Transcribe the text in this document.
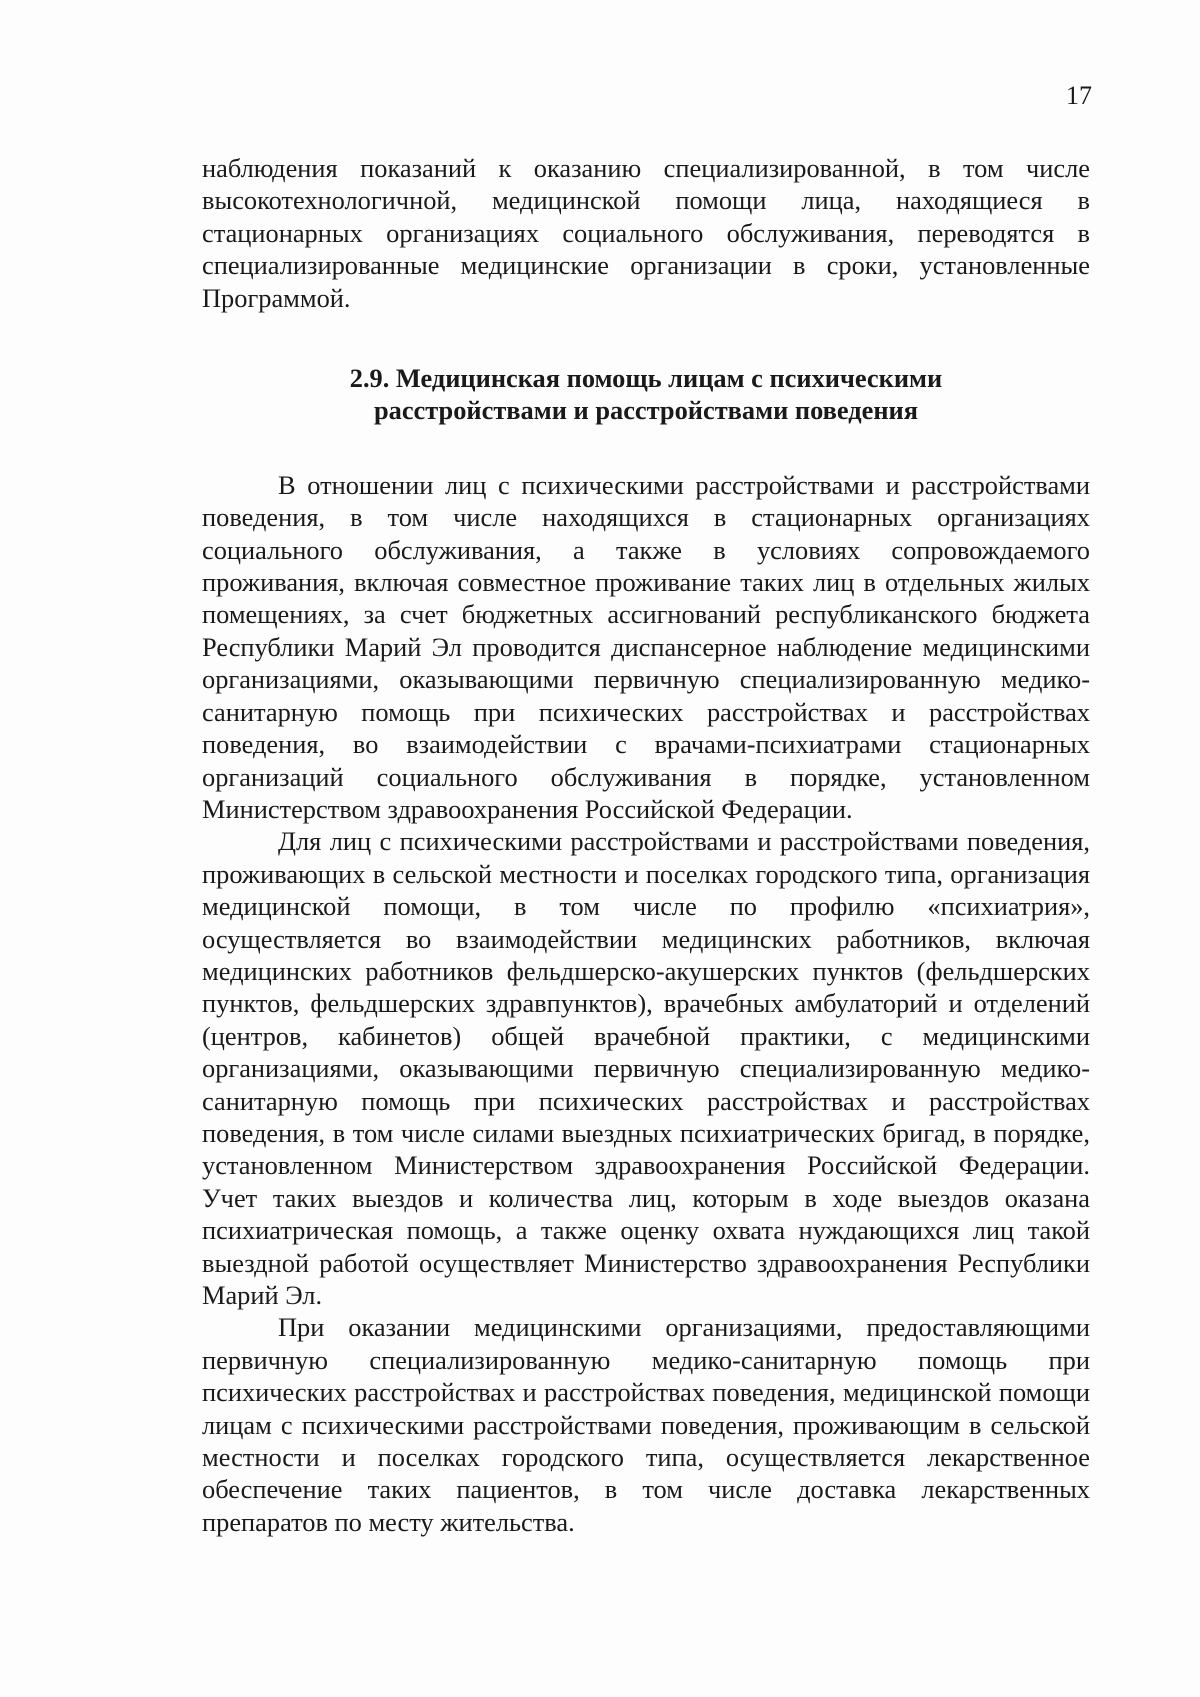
17

наблюдения показаний к оказанию специализированной, в том числе высокотехнологичной, медицинской помощи лица, находящиеся в стационарных организациях социального обслуживания, переводятся в специализированные медицинские организации в сроки, установленные Программой.

2.9. Медицинская помощь лицам с психическими
расстройствами и расстройствами поведения

В отношении лиц с психическими расстройствами и расстройствами поведения, в том числе находящихся в стационарных организациях социального обслуживания, а также в условиях сопровождаемого проживания, включая совместное проживание таких лиц в отдельных жилых помещениях, за счет бюджетных ассигнований республиканского бюджета Республики Марий Эл проводится диспансерное наблюдение медицинскими организациями, оказывающими первичную специализированную медико-санитарную помощь при психических расстройствах и расстройствах поведения, во взаимодействии с врачами-психиатрами стационарных организаций социального обслуживания в порядке, установленном Министерством здравоохранения Российской Федерации.

Для лиц с психическими расстройствами и расстройствами поведения, проживающих в сельской местности и поселках городского типа, организация медицинской помощи, в том числе по профилю «психиатрия», осуществляется во взаимодействии медицинских работников, включая медицинских работников фельдшерско-акушерских пунктов (фельдшерских пунктов, фельдшерских здравпунктов), врачебных амбулаторий и отделений (центров, кабинетов) общей врачебной практики, с медицинскими организациями, оказывающими первичную специализированную медико-санитарную помощь при психических расстройствах и расстройствах поведения, в том числе силами выездных психиатрических бригад, в порядке, установленном Министерством здравоохранения Российской Федерации. Учет таких выездов и количества лиц, которым в ходе выездов оказана психиатрическая помощь, а также оценку охвата нуждающихся лиц такой выездной работой осуществляет Министерство здравоохранения Республики Марий Эл.

При оказании медицинскими организациями, предоставляющими первичную специализированную медико-санитарную помощь при психических расстройствах и расстройствах поведения, медицинской помощи лицам с психическими расстройствами поведения, проживающим в сельской местности и поселках городского типа, осуществляется лекарственное обеспечение таких пациентов, в том числе доставка лекарственных препаратов по месту жительства.
